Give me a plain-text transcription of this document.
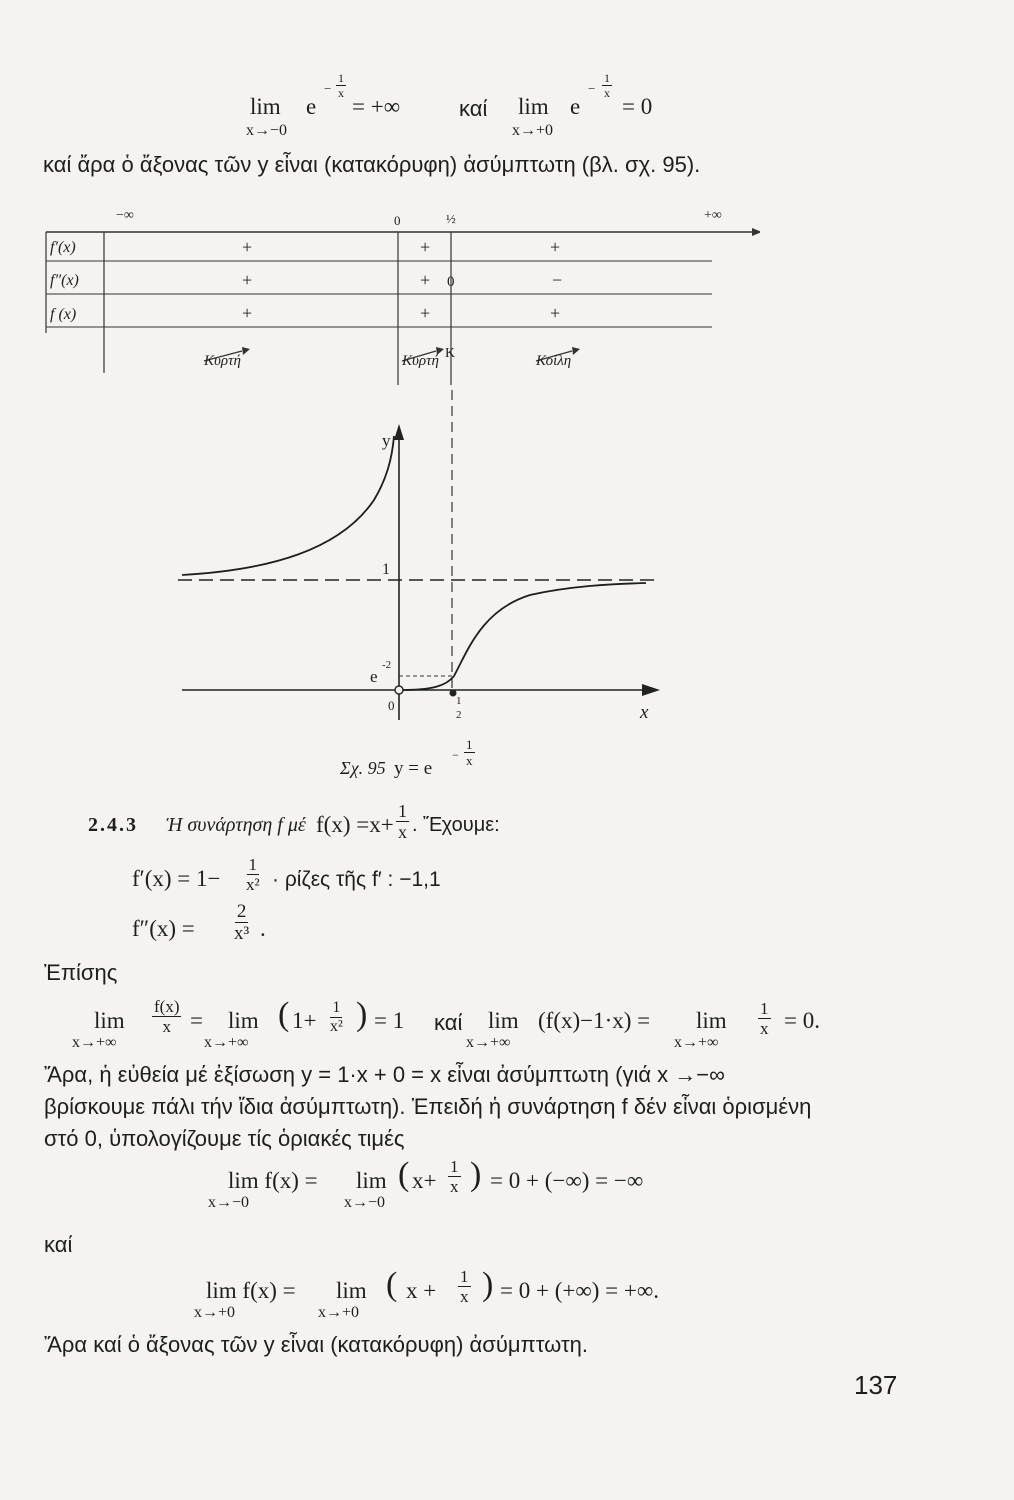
lim
x→−0
e
− $\frac{1}{x}$
= +∞	καί lim
x→+0
e
− $\frac{1}{x}$
= 0
καί ἄρα ὁ ἄξονας τῶν y εἶναι (κατακόρυφη) ἀσύμπτωτη (βλ. σχ. 95).
−∞	0	½	+∞
f′(x)	+	+	+
f″(x)	+	+ 0	−
f (x)	+	+	+
Κυρτή	Κυρτή K	Κοίλη
y
x
1
e
-2
0	1
2
Σχ. 95 y = e
− $\frac{1}{x}$
2.4.3 Ἡ συνάρτηση f μέ $f(x) =x+ \frac{1}{x}$ . Ἔχουμε:
$f'(x) = 1- \frac{1}{\text{x²}} \cdot \rho ί\zeta\varepsilon\varsigma$ τῆς f′ : −1,1
$f''(x) = \frac{2}{\text{x³}}$ .
Ἐπίσης
lim
x→+∞
$\frac{f(x)}{x} = \lim$
x→+∞
( $1+ \frac{1}{\text{x²}}$ ) = 1 καί lim
x→+∞
(f(x)−1·x) = lim
x→+∞
$\frac{1}{x} = 0$.
Ἄρα, ἡ εὐθεία μέ ἐξίσωση y = 1·x + 0 = x εἶναι ἀσύμπτωτη (γιά x →−∞
βρίσκουμε πάλι τήν ἴδια ἀσύμπτωτη). Ἐπειδή ἡ συνάρτηση f δέν εἶναι ὁρισμένη
στό 0, ὑπολογίζουμε τίς ὁριακές τιμές
lim f(x) =
x→−0
lim
x→−0
( $x+ \frac{1}{x}$ ) = 0 + (−∞) = −∞
καί
lim f(x) =
x→+0
lim
x→+0
( $x + \frac{1}{x}$ ) = 0 + (+∞) = +∞.
Ἄρα καί ὁ ἄξονας τῶν y εἶναι (κατακόρυφη) ἀσύμπτωτη.
137
